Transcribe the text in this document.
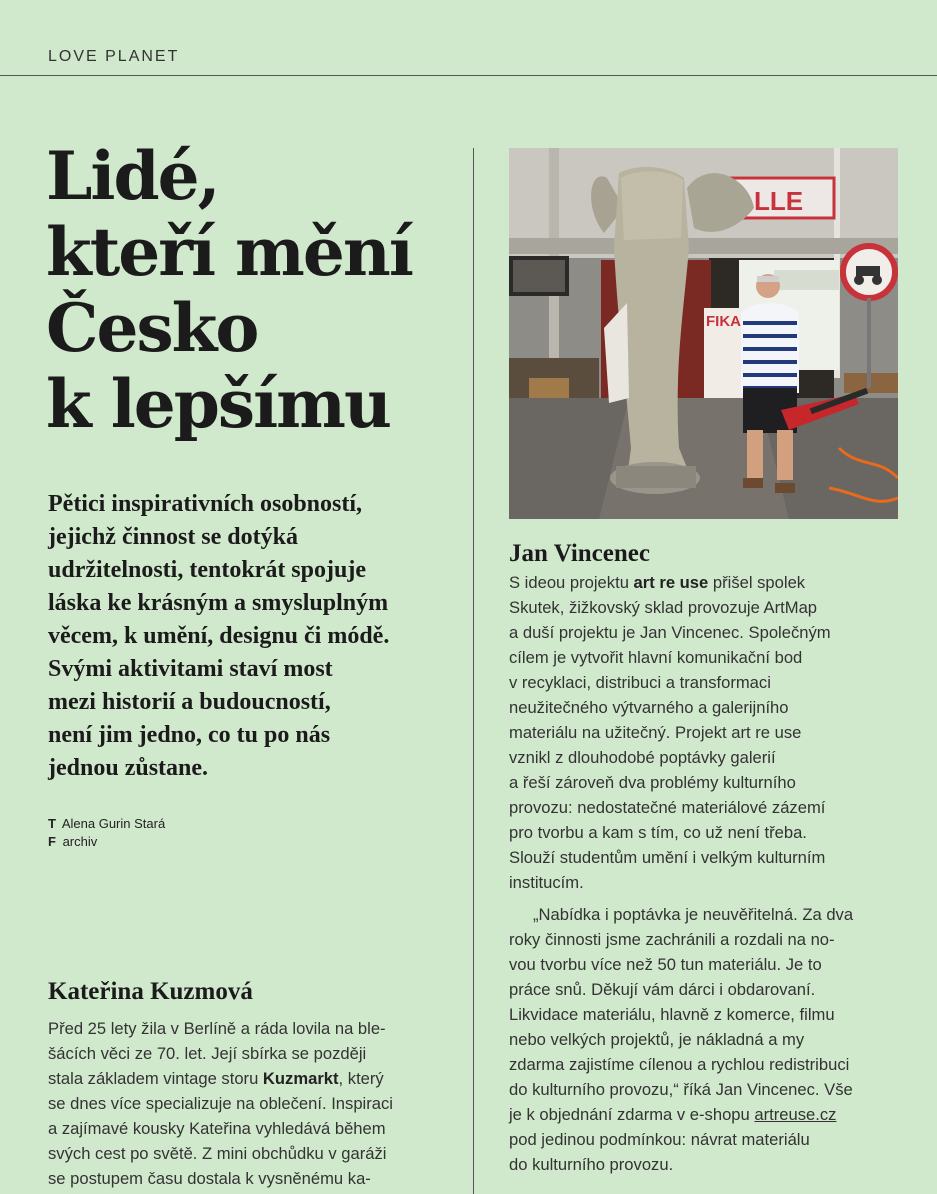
LOVE PLANET
Lidé,
kteří mění
Česko
k lepšímu

Pětici inspirativních osobností,
jejichž činnost se dotýká
udržitelnosti, tentokrát spojuje
láska ke krásným a smysluplným
věcem, k umění, designu či módě.
Svými aktivitami staví most
mezi historií a budoucností,
není jim jedno, co tu po nás
jednou zůstane.

T Alena Gurin Stará
F archiv
Kateřina Kuzmová
Před 25 lety žila v Berlíně a ráda lovila na ble-
šácích věci ze 70. let. Její sbírka se později
stala základem vintage storu Kuzmarkt, který
se dnes více specializuje na oblečení. Inspiraci
a zajímavé kousky Kateřina vyhledává během
svých cest po světě. Z mini obchůdku v garáži
se postupem času dostala k vysněnému ka-
LLE
FIKA
Jan Vincenec
S ideou projektu art re use přišel spolek
Skutek, žižkovský sklad provozuje ArtMap
a duší projektu je Jan Vincenec. Společným
cílem je vytvořit hlavní komunikační bod
v recyklaci, distribuci a transformaci
neužitečného výtvarného a galerijního
materiálu na užitečný. Projekt art re use
vznikl z dlouhodobé poptávky galerií
a řeší zároveň dva problémy kulturního
provozu: nedostatečné materiálové zázemí
pro tvorbu a kam s tím, co už není třeba.
Slouží studentům umění i velkým kulturním
institucím.
„Nabídka i poptávka je neuvěřitelná. Za dva
roky činnosti jsme zachránili a rozdali na no-
vou tvorbu více než 50 tun materiálu. Je to
práce snů. Děkují vám dárci i obdarovaní.
Likvidace materiálu, hlavně z komerce, filmu
nebo velkých projektů, je nákladná a my
zdarma zajistíme cílenou a rychlou redistribuci
do kulturního provozu,“ říká Jan Vincenec. Vše
je k objednání zdarma v e-shopu artreuse.cz
pod jedinou podmínkou: návrat materiálu
do kulturního provozu.
